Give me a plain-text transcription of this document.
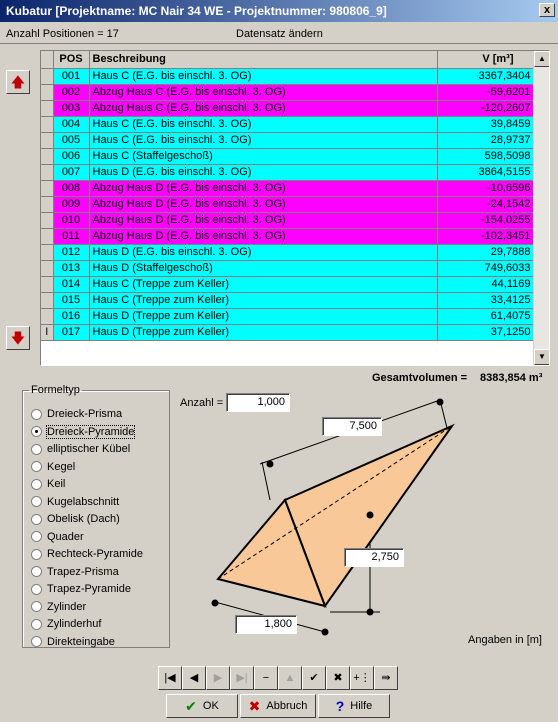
Kubatur [Projektname: MC Nair 34 WE - Projektnummer: 980806_9]	x
Anzahl Positionen = 17	Datensatz ändern
🡅
🡇
	POS	Beschreibung	V [m³]
	001	Haus C (E.G. bis einschl. 3. OG)	3367,3404
	002	Abzug Haus C (E.G. bis einschl. 3. OG)	-59,6201
	003	Abzug Haus C (E.G. bis einschl. 3. OG)	-120,2607
	004	Haus C (E.G. bis einschl. 3. OG)	39,8459
	005	Haus C (E.G. bis einschl. 3. OG)	28,9737
	006	Haus C (Staffelgeschoß)	598,5098
	007	Haus D (E.G. bis einschl. 3. OG)	3864,5155
	008	Abzug Haus D (E.G. bis einschl. 3. OG)	-10,6596
	009	Abzug Haus D (E.G. bis einschl. 3. OG)	-24,1542
	010	Abzug Haus D (E.G. bis einschl. 3. OG)	-154,0255
	011	Abzug Haus D (E.G. bis einschl. 3. OG)	-102,3451
	012	Haus D (E.G. bis einschl. 3. OG)	29,7888
	013	Haus D (Staffelgeschoß)	749,6033
	014	Haus C (Treppe zum Keller)	44,1169
	015	Haus C (Treppe zum Keller)	33,4125
	016	Haus D (Treppe zum Keller)	61,4075
I	017	Haus D (Treppe zum Keller)	37,1250
▲
▼
Gesamtvolumen = 8383,854 m³
Formeltyp
Dreieck-Prisma
Dreieck-Pyramide
elliptischer Kübel
Kegel
Keil
Kugelabschnitt
Obelisk (Dach)
Quader
Rechteck-Pyramide
Trapez-Prisma
Trapez-Pyramide
Zylinder
Zylinderhuf
Direkteingabe
Anzahl =	1,000
7,500
2,750
1,800
Angaben in [m]
|◀	◀	▶	▶|	−	▲	✔	✖ +⋮ ⇛
✔ OK ✖ Abbruch ? Hilfe
